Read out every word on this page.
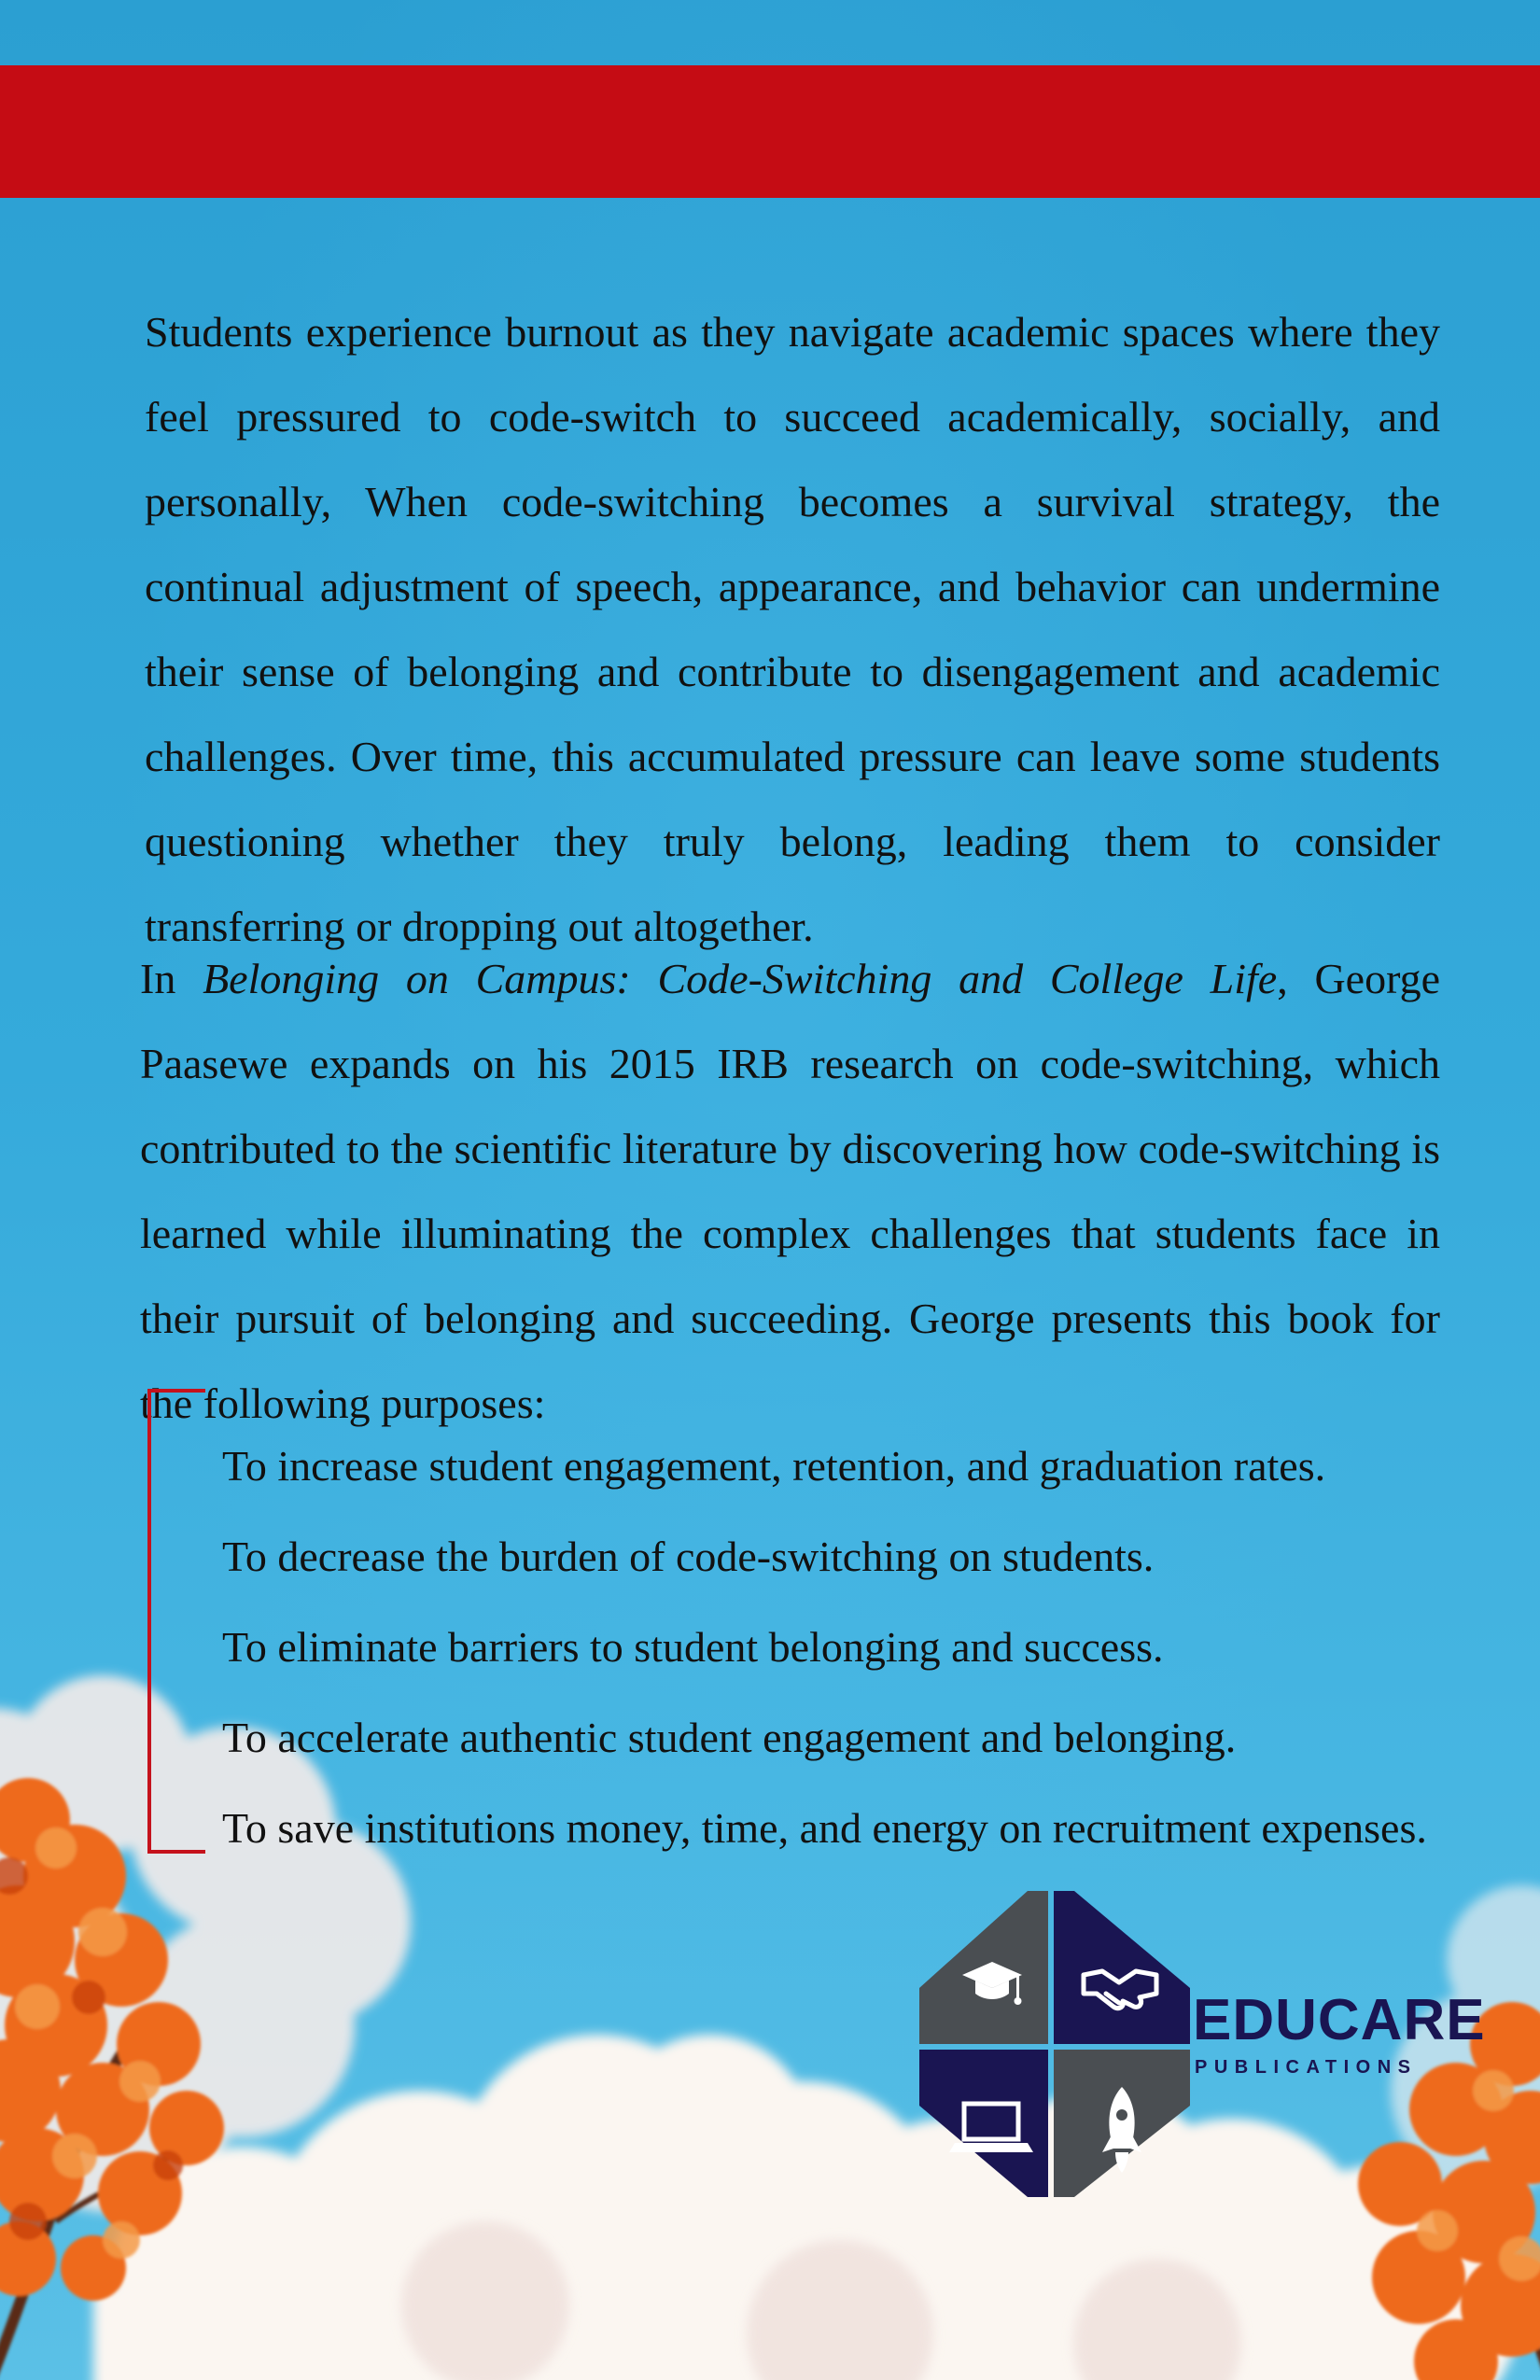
Students experience burnout as they navigate academic spaces where they feel pressured to code-switch to succeed academically, socially, and personally, When code-switching becomes a survival strategy, the continual adjustment of speech, appearance, and behavior can undermine their sense of belonging and contribute to disengagement and academic challenges. Over time, this accumulated pressure can leave some students questioning whether they truly belong, leading them to consider transferring or dropping out altogether.

In Belonging on Campus: Code-Switching and College Life, George Paasewe expands on his 2015 IRB research on code-switching, which contributed to the scientific literature by discovering how code-switching is learned while illuminating the complex challenges that students face in their pursuit of belonging and succeeding. George presents this book for the following purposes:

To increase student engagement, retention, and graduation rates.
To decrease the burden of code-switching on students.
To eliminate barriers to student belonging and success.
To accelerate authentic student engagement and belonging.
To save institutions money, time, and energy on recruitment expenses.

EDUCARE

PUBLICATIONS
